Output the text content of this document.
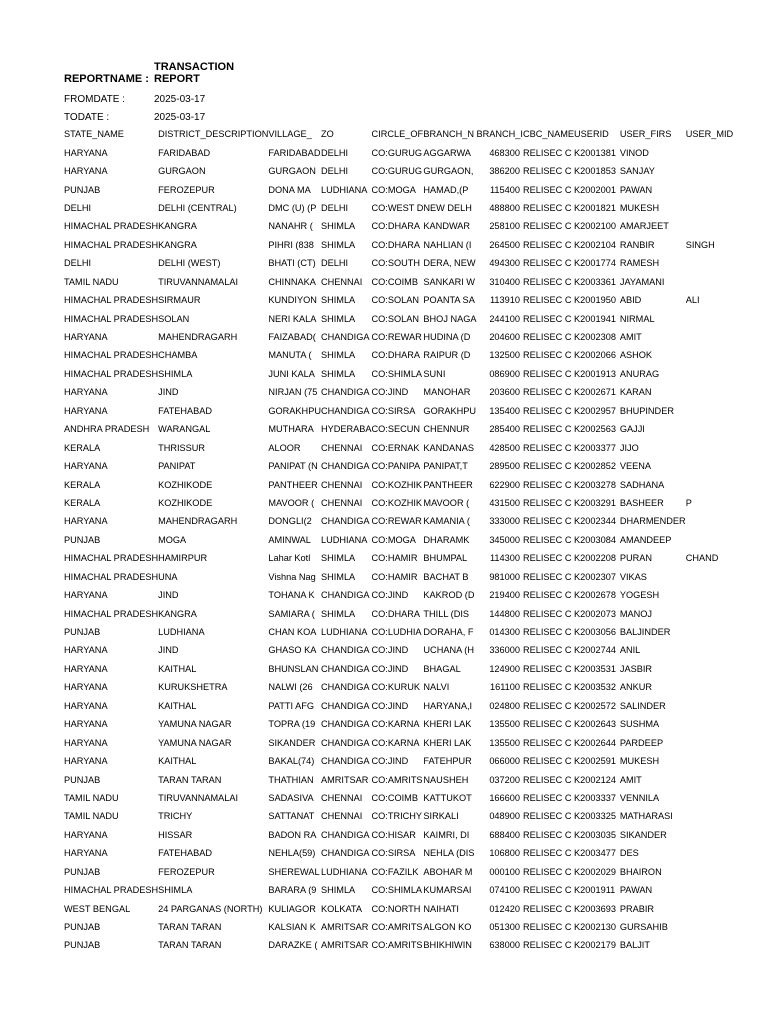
REPORTNAME :
TRANSACTION REPORT
FROMDATE :	2025-03-17
TODATE :	2025-03-17
STATE_NAME	DISTRICT_DESCRIPTION	VILLAGE_	ZO	CIRCLE_OF	BRANCH_N	BRANCH_I	CBC_NAME	USERID	USER_FIRS	USER_MID	
HARYANA	FARIDABAD	FARIDABAD	DELHI	CO:GURUG	AGGARWA	468300	RELISEC C	K2001381	VINOD		
HARYANA	GURGAON	GURGAON	DELHI	CO:GURUG	GURGAON,	386200	RELISEC C	K2001853	SANJAY		
PUNJAB	FEROZEPUR	DONA MA	LUDHIANA	CO:MOGA	HAMAD,(P	115400	RELISEC C	K2002001	PAWAN		
DELHI	DELHI (CENTRAL)	DMC (U) (P	DELHI	CO:WEST D	NEW DELH	488800	RELISEC C	K2001821	MUKESH		
HIMACHAL PRADESH	KANGRA	NANAHR (	SHIMLA	CO:DHARA	KANDWAR	258100	RELISEC C	K2002100	AMARJEET		
HIMACHAL PRADESH	KANGRA	PIHRI (838	SHIMLA	CO:DHARA	NAHLIAN (I	264500	RELISEC C	K2002104	RANBIR	SINGH	
DELHI	DELHI (WEST)	BHATI (CT)	DELHI	CO:SOUTH	DERA, NEW	494300	RELISEC C	K2001774	RAMESH		
TAMIL NADU	TIRUVANNAMALAI	CHINNAKA	CHENNAI	CO:COIMB	SANKARI W	310400	RELISEC C	K2003361	JAYAMANI		
HIMACHAL PRADESH	SIRMAUR	KUNDIYON	SHIMLA	CO:SOLAN	POANTA SA	113910	RELISEC C	K2001950	ABID	ALI	
HIMACHAL PRADESH	SOLAN	NERI KALA	SHIMLA	CO:SOLAN	BHOJ NAGA	244100	RELISEC C	K2001941	NIRMAL		
HARYANA	MAHENDRAGARH	FAIZABAD(	CHANDIGA	CO:REWAR	HUDINA (D	204600	RELISEC C	K2002308	AMIT		
HIMACHAL PRADESH	CHAMBA	MANUTA (	SHIMLA	CO:DHARA	RAIPUR (D	132500	RELISEC C	K2002066	ASHOK		
HIMACHAL PRADESH	SHIMLA	JUNI KALA	SHIMLA	CO:SHIMLA	SUNI	086900	RELISEC C	K2001913	ANURAG		
HARYANA	JIND	NIRJAN (75	CHANDIGA	CO:JIND	MANOHAR	203600	RELISEC C	K2002671	KARAN		
HARYANA	FATEHABAD	GORAKHPU	CHANDIGA	CO:SIRSA	GORAKHPU	135400	RELISEC C	K2002957	BHUPINDER		
ANDHRA PRADESH	WARANGAL	MUTHARA	HYDERABA	CO:SECUN	CHENNUR	285400	RELISEC C	K2002563	GAJJI		
KERALA	THRISSUR	ALOOR	CHENNAI	CO:ERNAK	KANDANAS	428500	RELISEC C	K2003377	JIJO		
HARYANA	PANIPAT	PANIPAT (N	CHANDIGA	CO:PANIPA	PANIPAT,T	289500	RELISEC C	K2002852	VEENA		
KERALA	KOZHIKODE	PANTHEER	CHENNAI	CO:KOZHIK	PANTHEER	622900	RELISEC C	K2003278	SADHANA		
KERALA	KOZHIKODE	MAVOOR (	CHENNAI	CO:KOZHIK	MAVOOR (	431500	RELISEC C	K2003291	BASHEER	P	
HARYANA	MAHENDRAGARH	DONGLI(2	CHANDIGA	CO:REWAR	KAMANIA (	333000	RELISEC C	K2002344	DHARMENDER		
PUNJAB	MOGA	AMINWAL	LUDHIANA	CO:MOGA	DHARAMK	345000	RELISEC C	K2003084	AMANDEEP		
HIMACHAL PRADESH	HAMIRPUR	Lahar Kotl	SHIMLA	CO:HAMIR	BHUMPAL	114300	RELISEC C	K2002208	PURAN	CHAND	
HIMACHAL PRADESH	UNA	Vishna Nag	SHIMLA	CO:HAMIR	BACHAT B	981000	RELISEC C	K2002307	VIKAS		
HARYANA	JIND	TOHANA K	CHANDIGA	CO:JIND	KAKROD (D	219400	RELISEC C	K2002678	YOGESH		
HIMACHAL PRADESH	KANGRA	SAMIARA (	SHIMLA	CO:DHARA	THILL (DIS	144800	RELISEC C	K2002073	MANOJ		
PUNJAB	LUDHIANA	CHAN KOA	LUDHIANA	CO:LUDHIA	DORAHA, F	014300	RELISEC C	K2003056	BALJINDER		
HARYANA	JIND	GHASO KA	CHANDIGA	CO:JIND	UCHANA (H	336000	RELISEC C	K2002744	ANIL		
HARYANA	KAITHAL	BHUNSLAN	CHANDIGA	CO:JIND	BHAGAL	124900	RELISEC C	K2003531	JASBIR		
HARYANA	KURUKSHETRA	NALWI (26	CHANDIGA	CO:KURUK	NALVI	161100	RELISEC C	K2003532	ANKUR		
HARYANA	KAITHAL	PATTI AFG	CHANDIGA	CO:JIND	HARYANA,I	024800	RELISEC C	K2002572	SALINDER		
HARYANA	YAMUNA NAGAR	TOPRA (19	CHANDIGA	CO:KARNA	KHERI LAK	135500	RELISEC C	K2002643	SUSHMA		
HARYANA	YAMUNA NAGAR	SIKANDER	CHANDIGA	CO:KARNA	KHERI LAK	135500	RELISEC C	K2002644	PARDEEP		
HARYANA	KAITHAL	BAKAL(74)	CHANDIGA	CO:JIND	FATEHPUR	066000	RELISEC C	K2002591	MUKESH		
PUNJAB	TARAN TARAN	THATHIAN	AMRITSAR	CO:AMRITS	NAUSHEH	037200	RELISEC C	K2002124	AMIT		
TAMIL NADU	TIRUVANNAMALAI	SADASIVA	CHENNAI	CO:COIMB	KATTUKOT	166600	RELISEC C	K2003337	VENNILA		
TAMIL NADU	TRICHY	SATTANAT	CHENNAI	CO:TRICHY	SIRKALI	048900	RELISEC C	K2003325	MATHARASI		
HARYANA	HISSAR	BADON RA	CHANDIGA	CO:HISAR	KAIMRI, DI	688400	RELISEC C	K2003035	SIKANDER		
HARYANA	FATEHABAD	NEHLA(59)	CHANDIGA	CO:SIRSA	NEHLA (DIS	106800	RELISEC C	K2003477	DES		
PUNJAB	FEROZEPUR	SHEREWAL	LUDHIANA	CO:FAZILK	ABOHAR M	000100	RELISEC C	K2002029	BHAIRON		
HIMACHAL PRADESH	SHIMLA	BARARA (9	SHIMLA	CO:SHIMLA	KUMARSAI	074100	RELISEC C	K2001911	PAWAN		
WEST BENGAL	24 PARGANAS (NORTH)	KULIAGOR	KOLKATA	CO:NORTH	NAIHATI	012420	RELISEC C	K2003693	PRABIR		
PUNJAB	TARAN TARAN	KALSIAN K	AMRITSAR	CO:AMRITS	ALGON KO	051300	RELISEC C	K2002130	GURSAHIB		
PUNJAB	TARAN TARAN	DARAZKE (	AMRITSAR	CO:AMRITS	BHIKHIWIN	638000	RELISEC C	K2002179	BALJIT		
